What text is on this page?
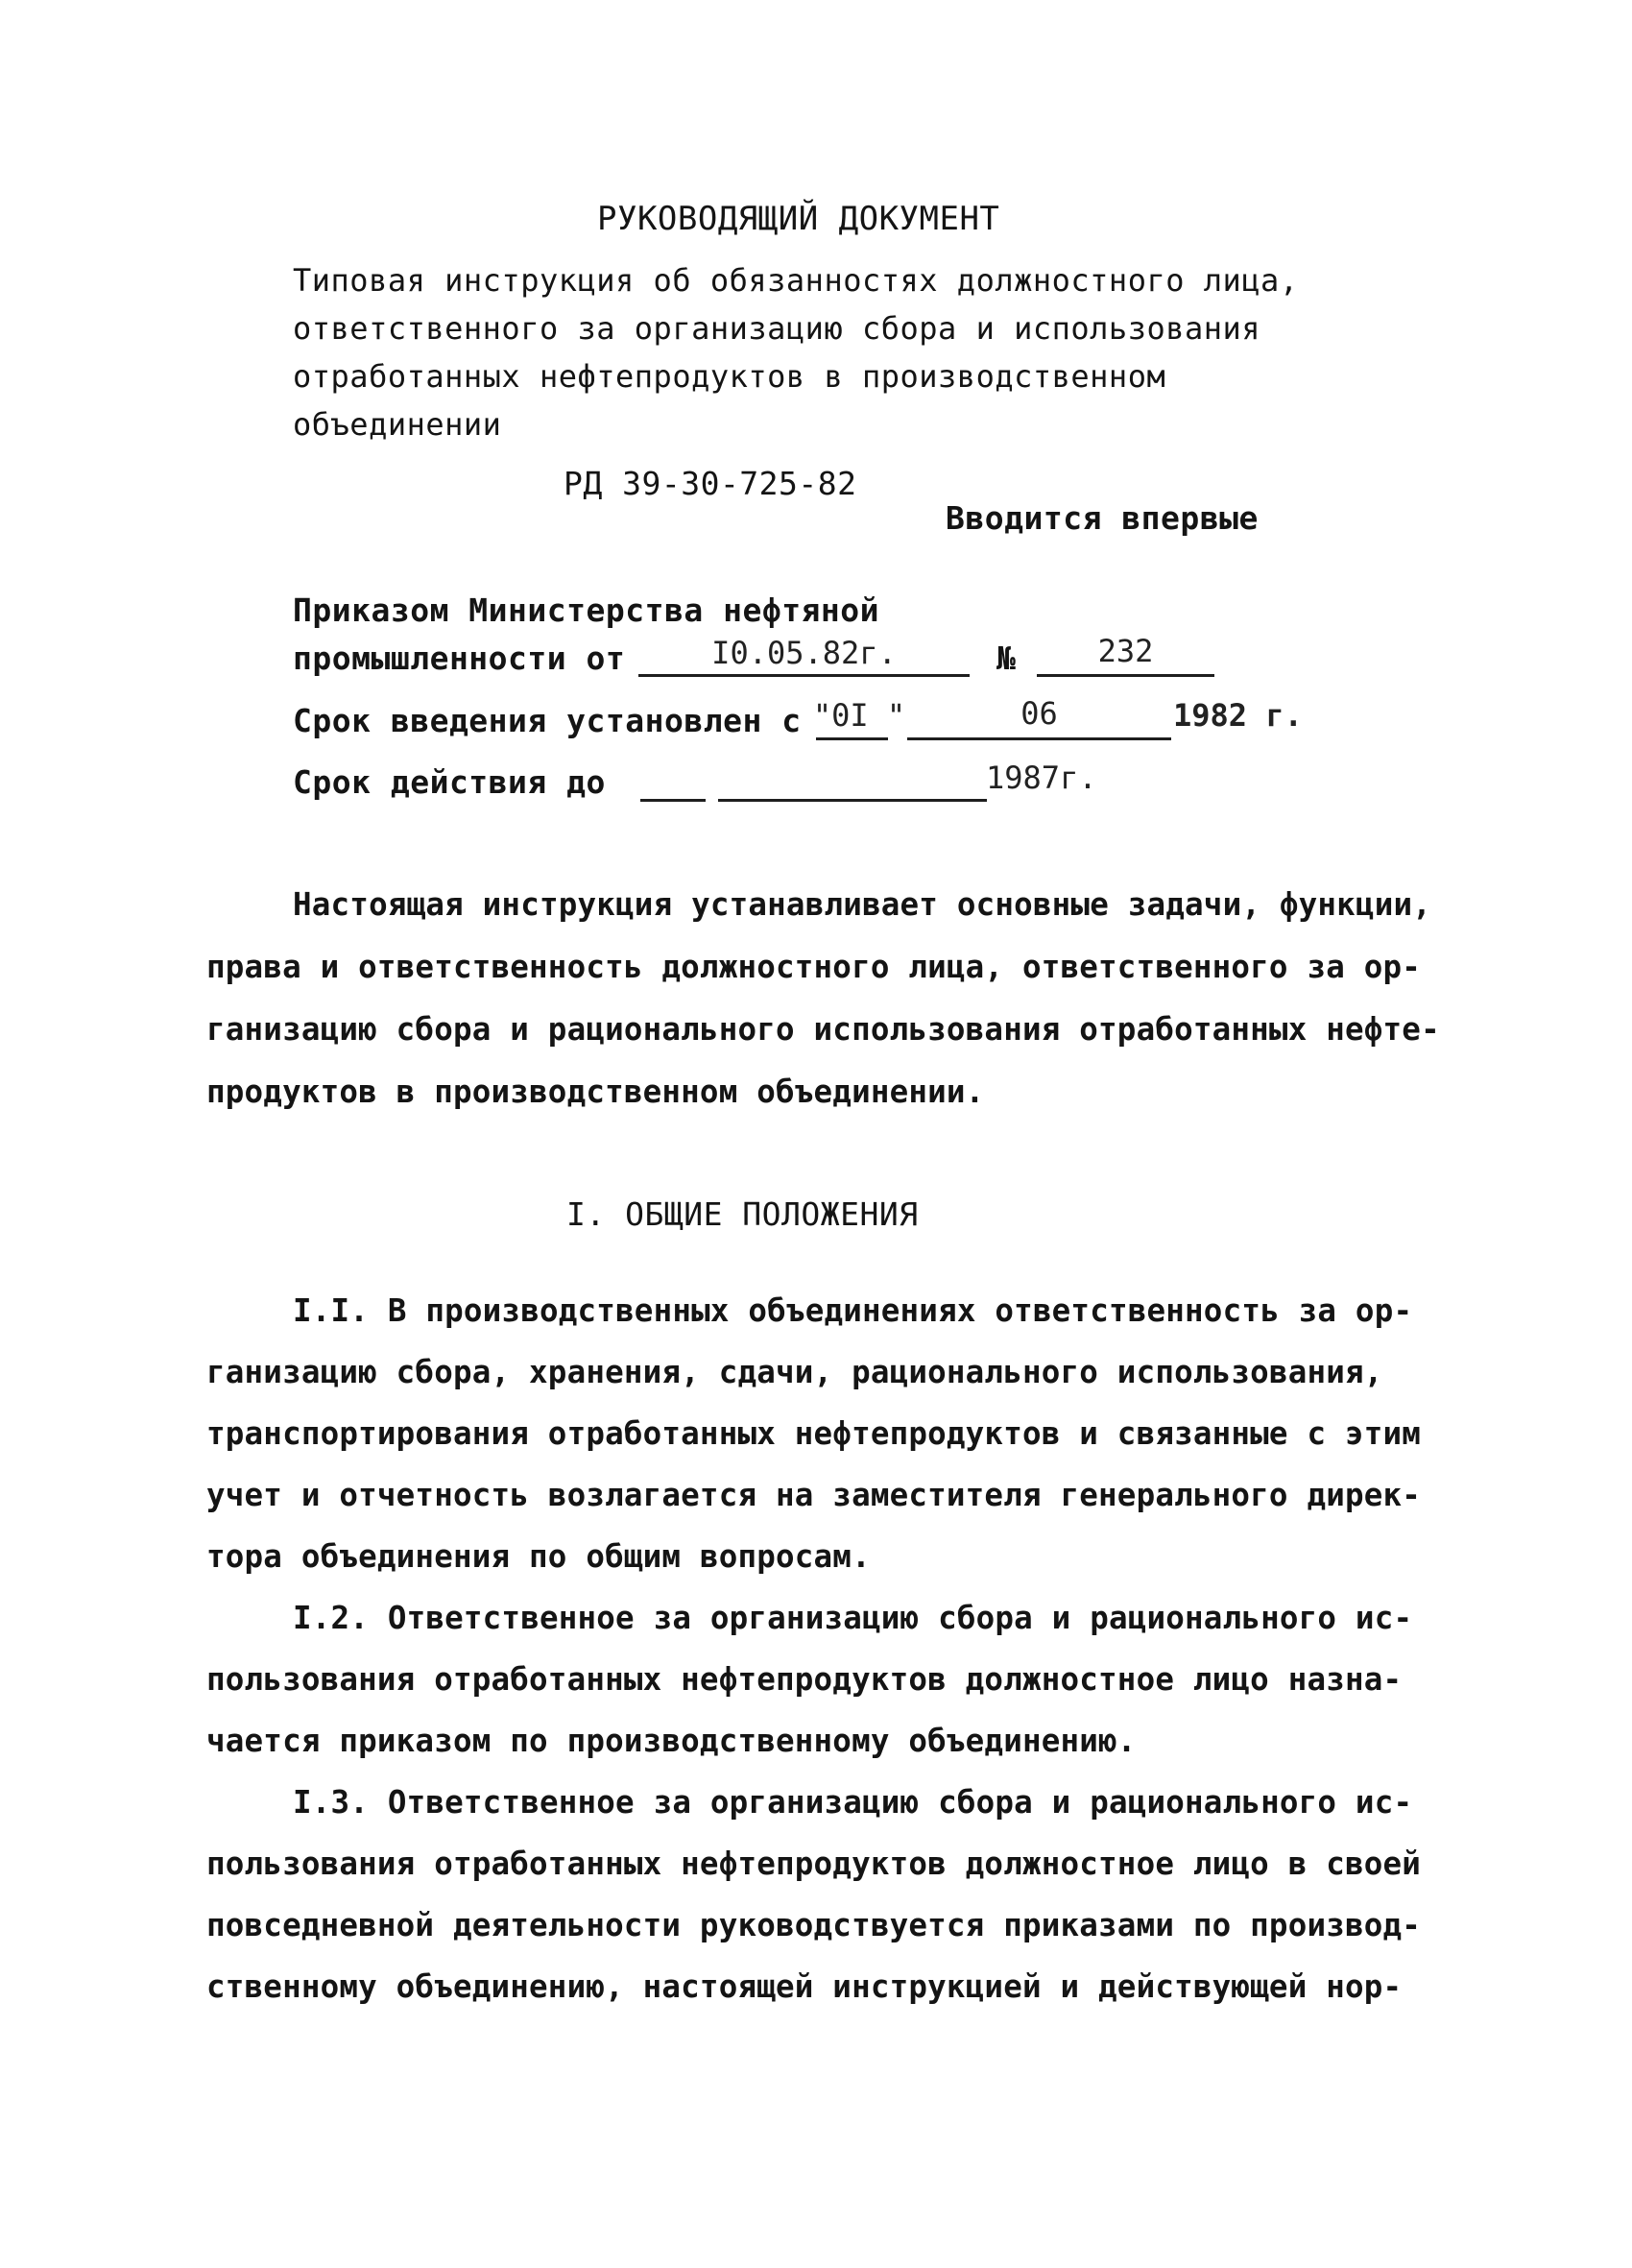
РУКОВОДЯЩИЙ ДОКУМЕНТ
Типовая инструкция об обязанностях должностного лица,
ответственного за организацию сбора и использования
отработанных нефтепродуктов в производственном
объединении
РД 39-30-725-82
Вводится впервые
Приказом Министерства нефтяной
промышленности от	I0.05.82г.	№	232
Срок введения установлен с "0I "	06	1982 г.
Срок действия до	1987г.
Настоящая инструкция устанавливает основные задачи, функции,
права и ответственность должностного лица, ответственного за ор-
ганизацию сбора и рационального использования отработанных нефте-
продуктов в производственном объединении.
I. ОБЩИЕ ПОЛОЖЕНИЯ
I.I. В производственных объединениях ответственность за ор-
ганизацию сбора, хранения, сдачи, рационального использования,
транспортирования отработанных нефтепродуктов и связанные с этим
учет и отчетность возлагается на заместителя генерального дирек-
тора объединения по общим вопросам.
I.2. Ответственное за организацию сбора и рационального ис-
пользования отработанных нефтепродуктов должностное лицо назна-
чается приказом по производственному объединению.
I.3. Ответственное за организацию сбора и рационального ис-
пользования отработанных нефтепродуктов должностное лицо в своей
повседневной деятельности руководствуется приказами по производ-
ственному объединению, настоящей инструкцией и действующей нор-
